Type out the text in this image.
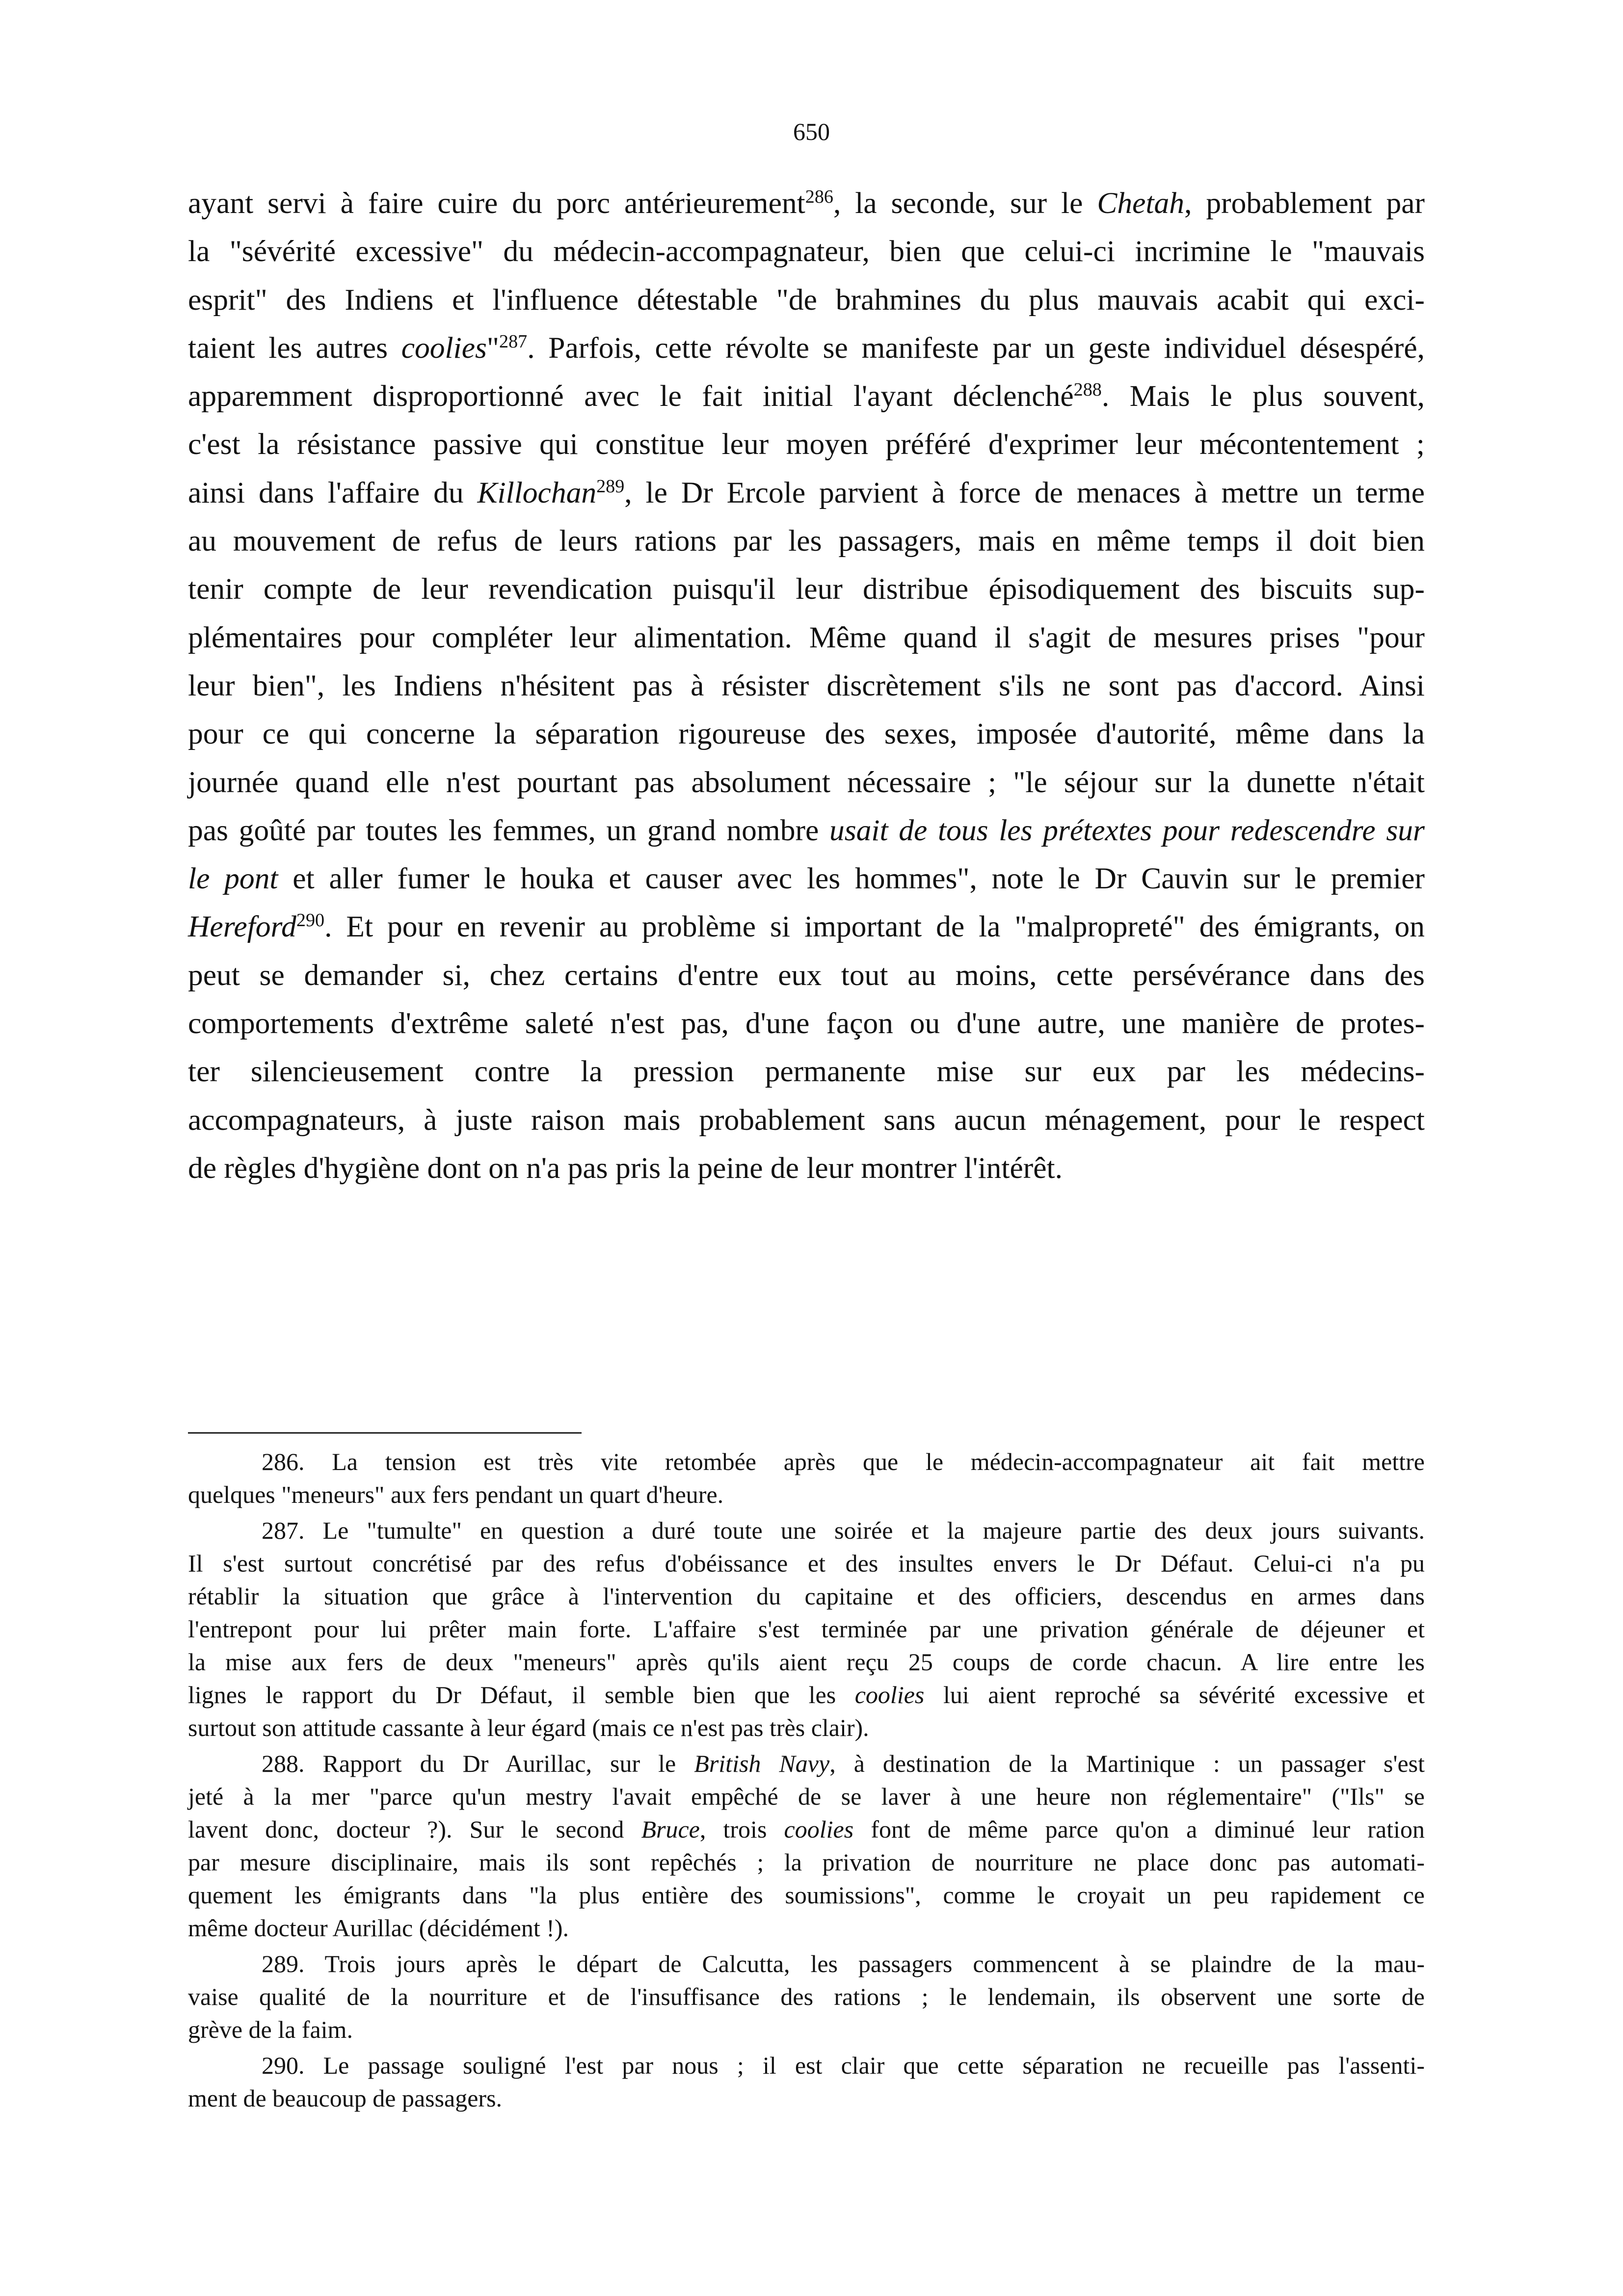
650
ayant servi à faire cuire du porc antérieurement$^{286}$, la seconde, sur le Chetah, probablement par
la "sévérité excessive" du médecin-accompagnateur, bien que celui-ci incrimine le "mauvais
esprit" des Indiens et l'influence détestable "de brahmines du plus mauvais acabit qui exci-
taient les autres coolies"$^{287}$. Parfois, cette révolte se manifeste par un geste individuel désespéré,
apparemment disproportionné avec le fait initial l'ayant déclenché$^{288}$. Mais le plus souvent,
c'est la résistance passive qui constitue leur moyen préféré d'exprimer leur mécontentement ;
ainsi dans l'affaire du Killochan$^{289}$, le Dr Ercole parvient à force de menaces à mettre un terme
au mouvement de refus de leurs rations par les passagers, mais en même temps il doit bien
tenir compte de leur revendication puisqu'il leur distribue épisodiquement des biscuits sup-
plémentaires pour compléter leur alimentation. Même quand il s'agit de mesures prises "pour
leur bien", les Indiens n'hésitent pas à résister discrètement s'ils ne sont pas d'accord. Ainsi
pour ce qui concerne la séparation rigoureuse des sexes, imposée d'autorité, même dans la
journée quand elle n'est pourtant pas absolument nécessaire ; "le séjour sur la dunette n'était
pas goûté par toutes les femmes, un grand nombre usait de tous les prétextes pour redescendre sur
le pont et aller fumer le houka et causer avec les hommes", note le Dr Cauvin sur le premier
Hereford$^{290}$. Et pour en revenir au problème si important de la "malpropreté" des émigrants, on
peut se demander si, chez certains d'entre eux tout au moins, cette persévérance dans des
comportements d'extrême saleté n'est pas, d'une façon ou d'une autre, une manière de protes-
ter silencieusement contre la pression permanente mise sur eux par les médecins-
accompagnateurs, à juste raison mais probablement sans aucun ménagement, pour le respect
de règles d'hygiène dont on n'a pas pris la peine de leur montrer l'intérêt.
286. La tension est très vite retombée après que le médecin-accompagnateur ait fait mettre
quelques "meneurs" aux fers pendant un quart d'heure.
287. Le "tumulte" en question a duré toute une soirée et la majeure partie des deux jours suivants.
Il s'est surtout concrétisé par des refus d'obéissance et des insultes envers le Dr Défaut. Celui-ci n'a pu
rétablir la situation que grâce à l'intervention du capitaine et des officiers, descendus en armes dans
l'entrepont pour lui prêter main forte. L'affaire s'est terminée par une privation générale de déjeuner et
la mise aux fers de deux "meneurs" après qu'ils aient reçu 25 coups de corde chacun. A lire entre les
lignes le rapport du Dr Défaut, il semble bien que les coolies lui aient reproché sa sévérité excessive et
surtout son attitude cassante à leur égard (mais ce n'est pas très clair).
288. Rapport du Dr Aurillac, sur le British Navy, à destination de la Martinique : un passager s'est
jeté à la mer "parce qu'un mestry l'avait empêché de se laver à une heure non réglementaire" ("Ils" se
lavent donc, docteur ?). Sur le second Bruce, trois coolies font de même parce qu'on a diminué leur ration
par mesure disciplinaire, mais ils sont repêchés ; la privation de nourriture ne place donc pas automati-
quement les émigrants dans "la plus entière des soumissions", comme le croyait un peu rapidement ce
même docteur Aurillac (décidément !).
289. Trois jours après le départ de Calcutta, les passagers commencent à se plaindre de la mau-
vaise qualité de la nourriture et de l'insuffisance des rations ; le lendemain, ils observent une sorte de
grève de la faim.
290. Le passage souligné l'est par nous ; il est clair que cette séparation ne recueille pas l'assenti-
ment de beaucoup de passagers.
